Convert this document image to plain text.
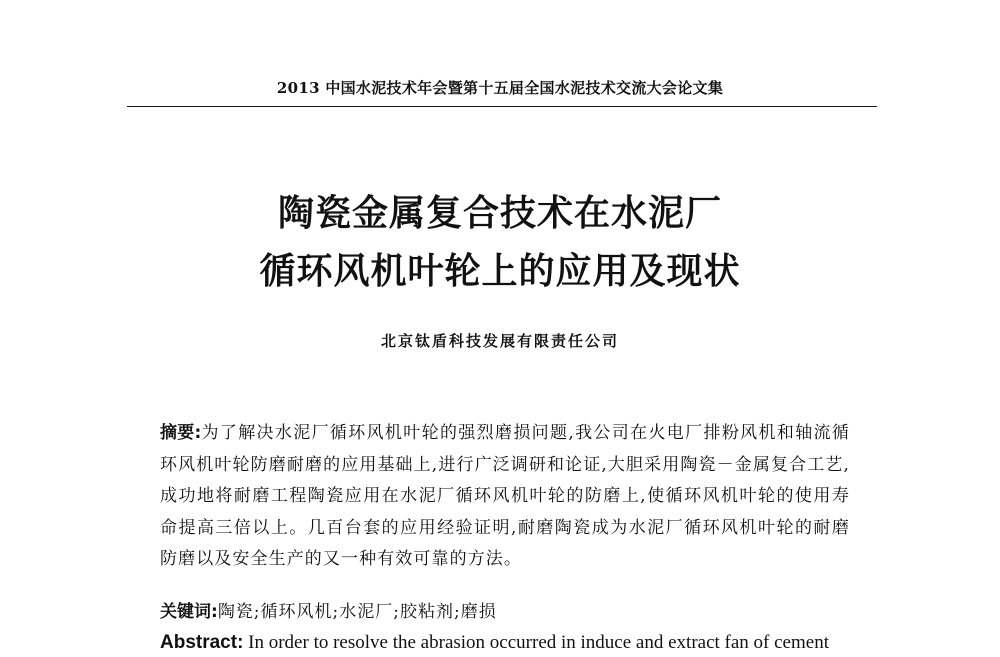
2013 中国水泥技术年会暨第十五届全国水泥技术交流大会论文集
陶瓷金属复合技术在水泥厂
循环风机叶轮上的应用及现状
北京钛盾科技发展有限责任公司
摘要:为了解决水泥厂循环风机叶轮的强烈磨损问题,我公司在火电厂排粉风机和轴流循环风机叶轮防磨耐磨的应用基础上,进行广泛调研和论证,大胆采用陶瓷－金属复合工艺,成功地将耐磨工程陶瓷应用在水泥厂循环风机叶轮的防磨上,使循环风机叶轮的使用寿命提高三倍以上。几百台套的应用经验证明,耐磨陶瓷成为水泥厂循环风机叶轮的耐磨防磨以及安全生产的又一种有效可靠的方法。
关键词:陶瓷;循环风机;水泥厂;胶粘剂;磨损
Abstract: In order to resolve the abrasion occurred in induce and extract fan of cement
